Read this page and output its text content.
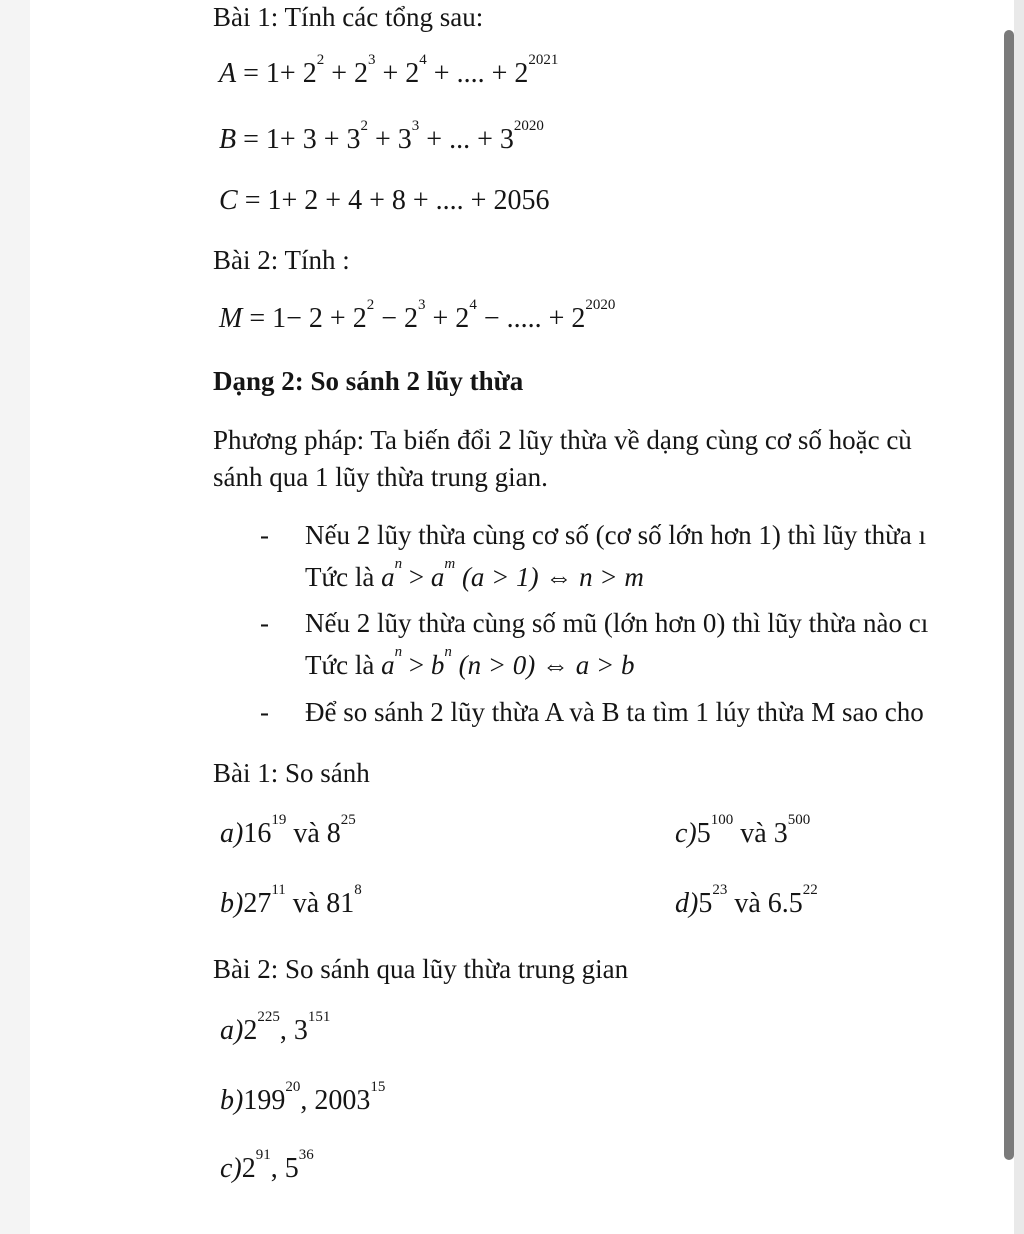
Bài 1: Tính các tổng sau:
$A = 1+ 2^2 + 2^3 + 2^4$ + .... + $2^{2021}$
$B = 1+ 3 + 3^2 + 3^3$ + ... + $3^{2020}$
C = 1+ 2 + 4 + 8 + .... + 2056
Bài 2: Tính :
$M = 1- 2 + 2^2 - 2^3 + 2^4$ − ..... + $2^{2020}$
Dạng 2: So sánh 2 lũy thừa
Phương pháp: Ta biến đổi 2 lũy thừa về dạng cùng cơ số hoặc cù
sánh qua 1 lũy thừa trung gian.
- Nếu 2 lũy thừa cùng cơ số (cơ số lớn hơn 1) thì lũy thừa ı
Tức là $a^n > a^m$ (a > 1) ⇔ n > m
- Nếu 2 lũy thừa cùng số mũ (lớn hơn 0) thì lũy thừa nào cı
Tức là $a^n > b^n$ (n > 0) ⇔ a > b
- Để so sánh 2 lũy thừa A và B ta tìm 1 lúy thừa M sao cho
Bài 1: So sánh
$a)16^{19}$ và $8^{25}$	$c)5^{100}$ và $3^{500}$
$b)27^{11}$ và $81^8$	$d)5^{23}$ và $6.5^{22}$
Bài 2: So sánh qua lũy thừa trung gian
$a)2^{225}$, $3^{151}$
$b)199^{20}$, 2003$^{15}$
$c)2^{91}$, $5^{36}$
